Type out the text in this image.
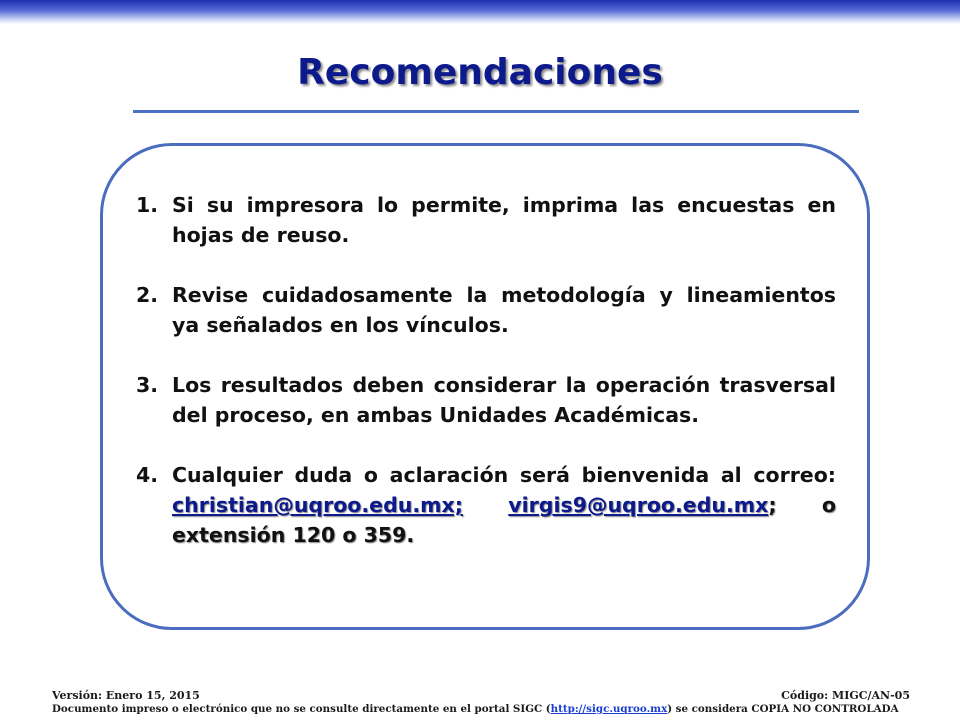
Recomendaciones
1. Si su impresora lo permite, imprima las encuestas en hojas de reuso.
2. Revise cuidadosamente la metodología y lineamientos ya señalados en los vínculos.
3. Los resultados deben considerar la operación trasversal del proceso, en ambas Unidades Académicas.
4. Cualquier duda o aclaración será bienvenida al correo: christian@uqroo.edu.mx; virgis9@uqroo.edu.mx; o extensión 120 o 359.
Versión: Enero 15, 2015	Código: MIGC/AN-05
Documento impreso o electrónico que no se consulte directamente en el portal SIGC (http://sigc.uqroo.mx) se considera COPIA NO CONTROLADA
